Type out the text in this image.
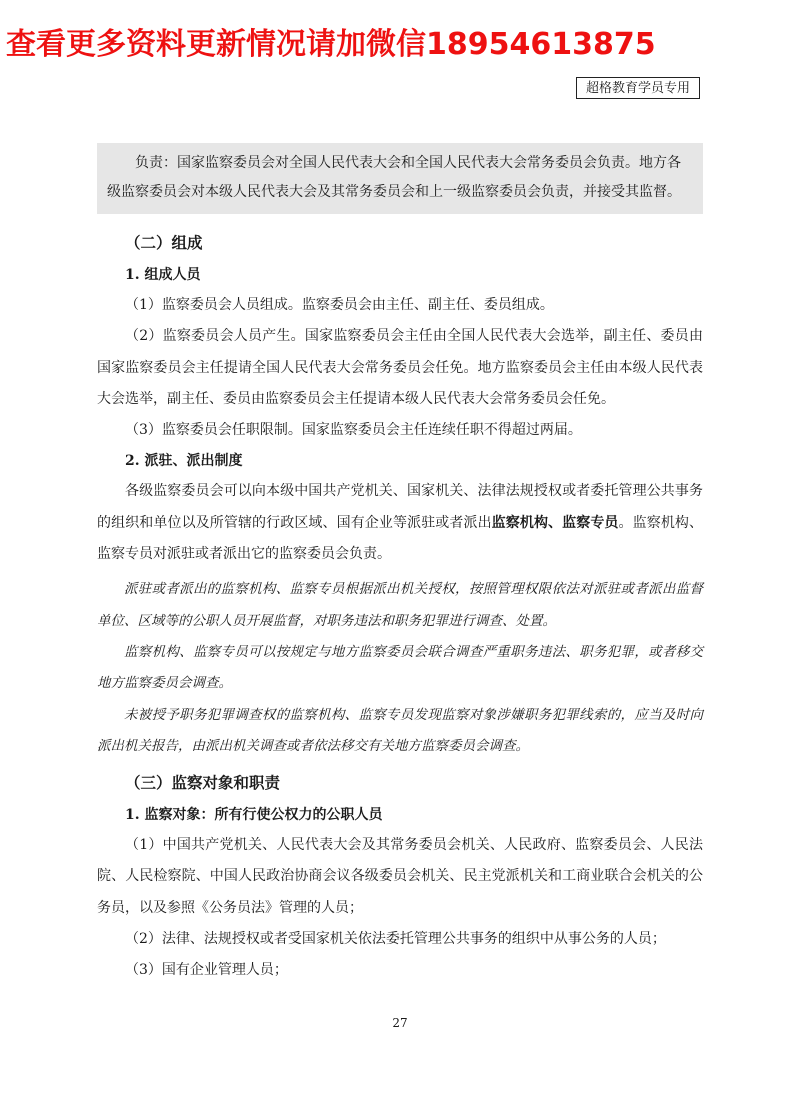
查看更多资料更新情况请加微信18954613875
超格教育学员专用

负责：国家监察委员会对全国人民代表大会和全国人民代表大会常务委员会负责。地方各级监察委员会对本级人民代表大会及其常务委员会和上一级监察委员会负责，并接受其监督。

（二）组成

1. 组成人员

（1）监察委员会人员组成。监察委员会由主任、副主任、委员组成。

（2）监察委员会人员产生。国家监察委员会主任由全国人民代表大会选举，副主任、委员由国家监察委员会主任提请全国人民代表大会常务委员会任免。地方监察委员会主任由本级人民代表大会选举，副主任、委员由监察委员会主任提请本级人民代表大会常务委员会任免。

（3）监察委员会任职限制。国家监察委员会主任连续任职不得超过两届。

2. 派驻、派出制度

各级监察委员会可以向本级中国共产党机关、国家机关、法律法规授权或者委托管理公共事务的组织和单位以及所管辖的行政区域、国有企业等派驻或者派出监察机构、监察专员。监察机构、监察专员对派驻或者派出它的监察委员会负责。

派驻或者派出的监察机构、监察专员根据派出机关授权，按照管理权限依法对派驻或者派出监督单位、区域等的公职人员开展监督，对职务违法和职务犯罪进行调查、处置。

监察机构、监察专员可以按规定与地方监察委员会联合调查严重职务违法、职务犯罪，或者移交地方监察委员会调查。

未被授予职务犯罪调查权的监察机构、监察专员发现监察对象涉嫌职务犯罪线索的，应当及时向派出机关报告，由派出机关调查或者依法移交有关地方监察委员会调查。

（三）监察对象和职责

1. 监察对象：所有行使公权力的公职人员

（1）中国共产党机关、人民代表大会及其常务委员会机关、人民政府、监察委员会、人民法院、人民检察院、中国人民政治协商会议各级委员会机关、民主党派机关和工商业联合会机关的公务员，以及参照《公务员法》管理的人员；

（2）法律、法规授权或者受国家机关依法委托管理公共事务的组织中从事公务的人员；

（3）国有企业管理人员；

27
